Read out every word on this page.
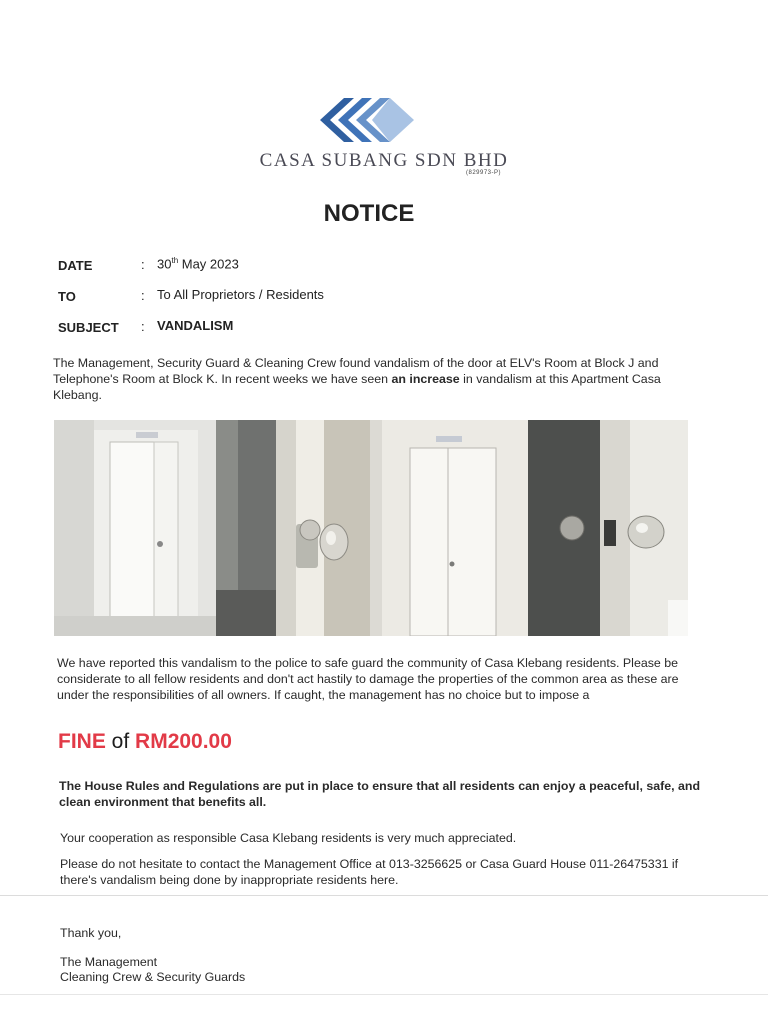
CASA SUBANG SDN BHD
(829973-P)
NOTICE
DATE	: 30th May 2023
TO	: To All Proprietors / Residents
SUBJECT : VANDALISM
The Management, Security Guard & Cleaning Crew found vandalism of the door at ELV's Room at Block J and Telephone's Room at Block K. In recent weeks we have seen an increase in vandalism at this Apartment Casa Klebang.
We have reported this vandalism to the police to safe guard the community of Casa Klebang residents. Please be considerate to all fellow residents and don't act hastily to damage the properties of the common area as these are under the responsibilities of all owners. If caught, the management has no choice but to impose a
FINE of RM200.00
The House Rules and Regulations are put in place to ensure that all residents can enjoy a peaceful, safe, and clean environment that benefits all.
Your cooperation as responsible Casa Klebang residents is very much appreciated.
Please do not hesitate to contact the Management Office at 013-3256625 or Casa Guard House 011-26475331 if there's vandalism being done by inappropriate residents here.
Thank you,
The Management
Cleaning Crew & Security Guards
